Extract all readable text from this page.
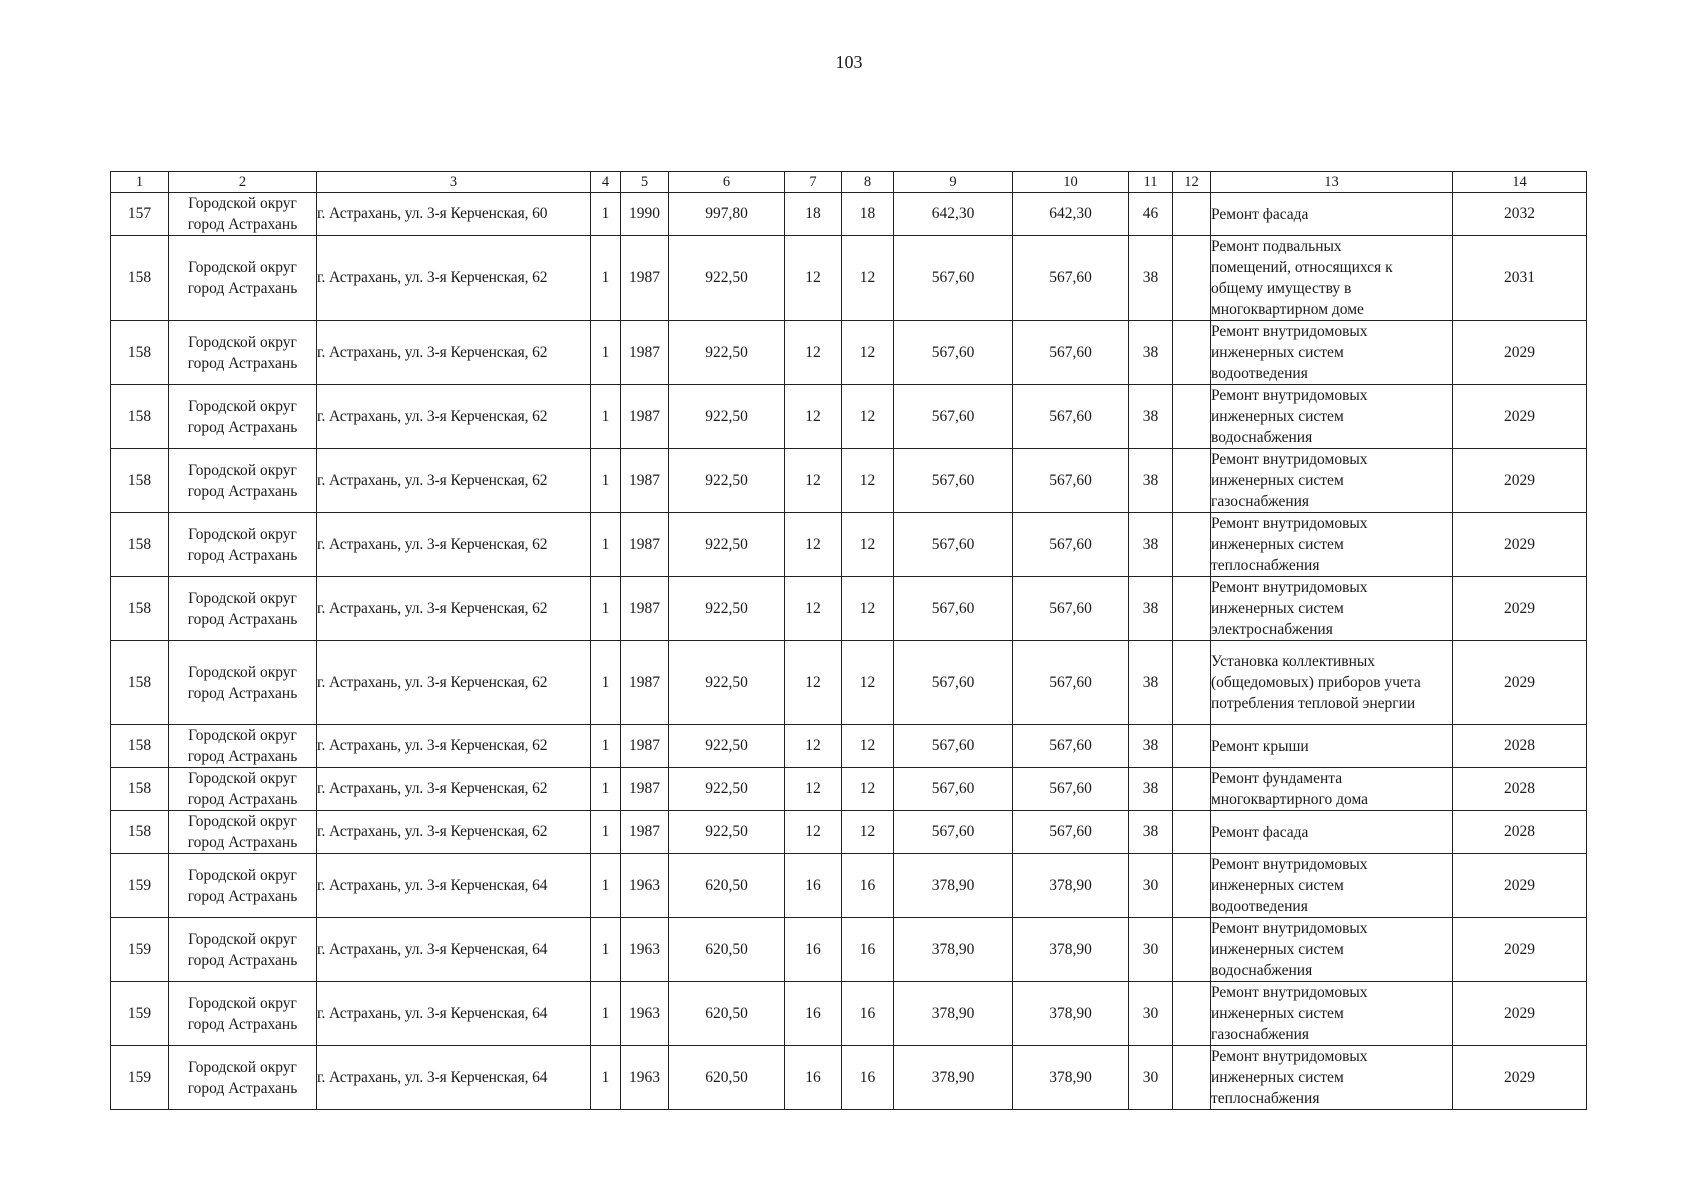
103
1	2	3	4	5	6	7	8	9	10	11	12	13	14
157	Городской округ
город Астрахань	г. Астрахань, ул. 3-я Керченская, 60	1	1990	997,80	18	18	642,30	642,30	46		Ремонт фасада	2032
158	Городской округ
город Астрахань	г. Астрахань, ул. 3-я Керченская, 62	1	1987	922,50	12	12	567,60	567,60	38		Ремонт подвальных
помещений, относящихся к
общему имуществу в
многоквартирном доме	2031
158	Городской округ
город Астрахань	г. Астрахань, ул. 3-я Керченская, 62	1	1987	922,50	12	12	567,60	567,60	38		Ремонт внутридомовых
инженерных систем
водоотведения	2029
158	Городской округ
город Астрахань	г. Астрахань, ул. 3-я Керченская, 62	1	1987	922,50	12	12	567,60	567,60	38		Ремонт внутридомовых
инженерных систем
водоснабжения	2029
158	Городской округ
город Астрахань	г. Астрахань, ул. 3-я Керченская, 62	1	1987	922,50	12	12	567,60	567,60	38		Ремонт внутридомовых
инженерных систем
газоснабжения	2029
158	Городской округ
город Астрахань	г. Астрахань, ул. 3-я Керченская, 62	1	1987	922,50	12	12	567,60	567,60	38		Ремонт внутридомовых
инженерных систем
теплоснабжения	2029
158	Городской округ
город Астрахань	г. Астрахань, ул. 3-я Керченская, 62	1	1987	922,50	12	12	567,60	567,60	38		Ремонт внутридомовых
инженерных систем
электроснабжения	2029
158	Городской округ
город Астрахань	г. Астрахань, ул. 3-я Керченская, 62	1	1987	922,50	12	12	567,60	567,60	38		Установка коллективных
(общедомовых) приборов учета
потребления тепловой энергии	2029
158	Городской округ
город Астрахань	г. Астрахань, ул. 3-я Керченская, 62	1	1987	922,50	12	12	567,60	567,60	38		Ремонт крыши	2028
158	Городской округ
город Астрахань	г. Астрахань, ул. 3-я Керченская, 62	1	1987	922,50	12	12	567,60	567,60	38		Ремонт фундамента
многоквартирного дома	2028
158	Городской округ
город Астрахань	г. Астрахань, ул. 3-я Керченская, 62	1	1987	922,50	12	12	567,60	567,60	38		Ремонт фасада	2028
159	Городской округ
город Астрахань	г. Астрахань, ул. 3-я Керченская, 64	1	1963	620,50	16	16	378,90	378,90	30		Ремонт внутридомовых
инженерных систем
водоотведения	2029
159	Городской округ
город Астрахань	г. Астрахань, ул. 3-я Керченская, 64	1	1963	620,50	16	16	378,90	378,90	30		Ремонт внутридомовых
инженерных систем
водоснабжения	2029
159	Городской округ
город Астрахань	г. Астрахань, ул. 3-я Керченская, 64	1	1963	620,50	16	16	378,90	378,90	30		Ремонт внутридомовых
инженерных систем
газоснабжения	2029
159	Городской округ
город Астрахань	г. Астрахань, ул. 3-я Керченская, 64	1	1963	620,50	16	16	378,90	378,90	30		Ремонт внутридомовых
инженерных систем
теплоснабжения	2029
